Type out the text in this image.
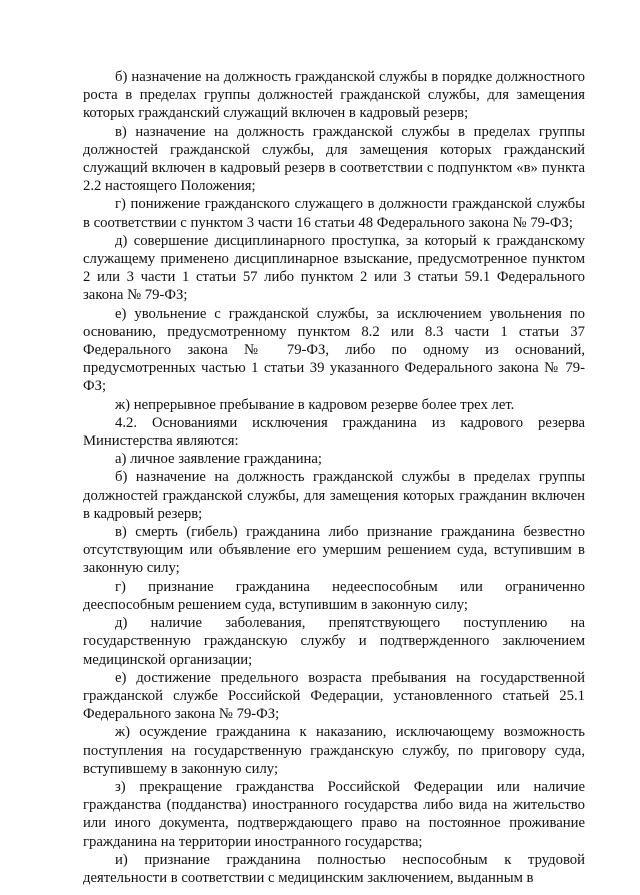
б) назначение на должность гражданской службы в порядке должностного роста в пределах группы должностей гражданской службы, для замещения которых гражданский служащий включен в кадровый резерв;

в) назначение на должность гражданской службы в пределах группы должностей гражданской службы, для замещения которых гражданский служащий включен в кадровый резерв в соответствии с подпунктом «в» пункта 2.2 настоящего Положения;

г) понижение гражданского служащего в должности гражданской службы в соответствии с пунктом 3 части 16 статьи 48 Федерального закона № 79-ФЗ;

д) совершение дисциплинарного проступка, за который к гражданскому служащему применено дисциплинарное взыскание, предусмотренное пунктом 2 или 3 части 1 статьи 57 либо пунктом 2 или 3 статьи 59.1 Федерального закона № 79-ФЗ;

е) увольнение с гражданской службы, за исключением увольнения по основанию, предусмотренному пунктом 8.2 или 8.3 части 1 статьи 37 Федерального закона № 79-ФЗ, либо по одному из оснований, предусмотренных частью 1 статьи 39 указанного Федерального закона № 79-ФЗ;

ж) непрерывное пребывание в кадровом резерве более трех лет.

4.2. Основаниями исключения гражданина из кадрового резерва Министерства являются:

а) личное заявление гражданина;

б) назначение на должность гражданской службы в пределах группы должностей гражданской службы, для замещения которых гражданин включен в кадровый резерв;

в) смерть (гибель) гражданина либо признание гражданина безвестно отсутствующим или объявление его умершим решением суда, вступившим в законную силу;

г) признание гражданина недееспособным или ограниченно дееспособным решением суда, вступившим в законную силу;

д) наличие заболевания, препятствующего поступлению на государственную гражданскую службу и подтвержденного заключением медицинской организации;

е) достижение предельного возраста пребывания на государственной гражданской службе Российской Федерации, установленного статьей 25.1 Федерального закона № 79-ФЗ;

ж) осуждение гражданина к наказанию, исключающему возможность поступления на государственную гражданскую службу, по приговору суда, вступившему в законную силу;

з) прекращение гражданства Российской Федерации или наличие гражданства (подданства) иностранного государства либо вида на жительство или иного документа, подтверждающего право на постоянное проживание гражданина на территории иностранного государства;

и) признание гражданина полностью неспособным к трудовой деятельности в соответствии с медицинским заключением, выданным в
